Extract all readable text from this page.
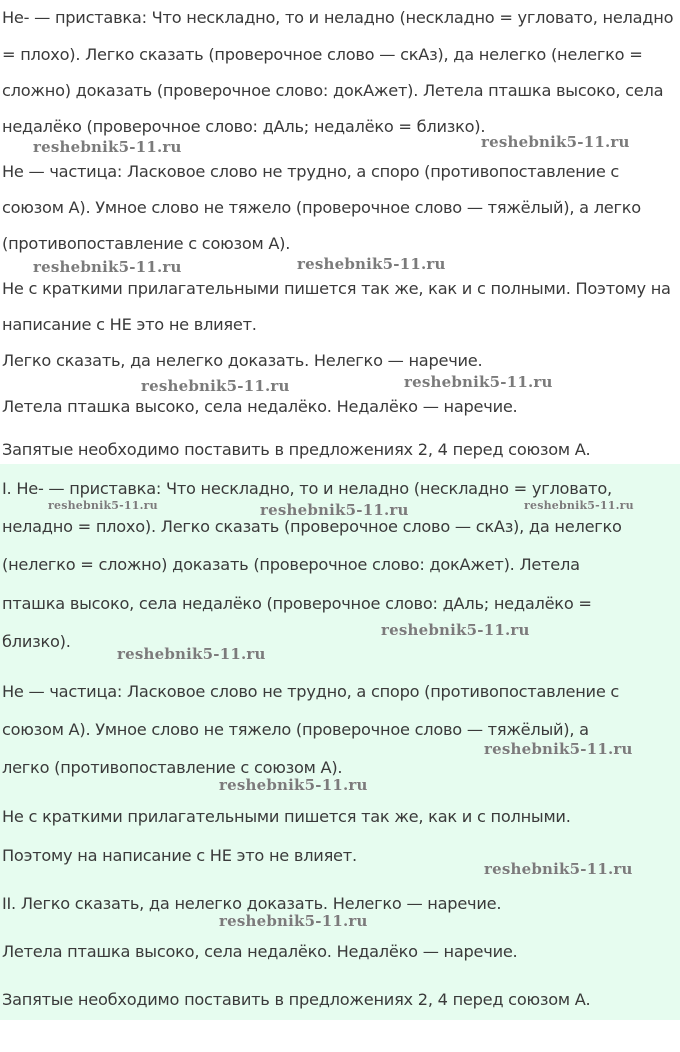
Не- — приставка: Что нескладно, то и неладно (нескладно = угловато, неладно
= плохо). Легко сказать (проверочное слово — скАз), да нелегко (нелегко =
сложно) доказать (проверочное слово: докАжет). Летела пташка высоко, села
недалёко (проверочное слово: дАль; недалёко = близко).
Не — частица: Ласковое слово не трудно, а споро (противопоставление с
союзом А). Умное слово не тяжело (проверочное слово — тяжёлый), а легко
(противопоставление с союзом А).
Не с краткими прилагательными пишется так же, как и с полными. Поэтому на
написание с НЕ это не влияет.
Легко сказать, да нелегко доказать. Нелегко — наречие.
Летела пташка высоко, села недалёко. Недалёко — наречие.
Запятые необходимо поставить в предложениях 2, 4 перед союзом А.
reshebnik5-11.ru	reshebnik5-11.ru
reshebnik5-11.ru	reshebnik5-11.ru
reshebnik5-11.ru	reshebnik5-11.ru
I. Не- — приставка: Что нескладно, то и неладно (нескладно = угловато,
неладно = плохо). Легко сказать (проверочное слово — скАз), да нелегко
(нелегко = сложно) доказать (проверочное слово: докАжет). Летела
пташка высоко, села недалёко (проверочное слово: дАль; недалёко =
близко).
Не — частица: Ласковое слово не трудно, а споро (противопоставление с
союзом А). Умное слово не тяжело (проверочное слово — тяжёлый), а
легко (противопоставление с союзом А).
Не с краткими прилагательными пишется так же, как и с полными.
Поэтому на написание с НЕ это не влияет.
II. Легко сказать, да нелегко доказать. Нелегко — наречие.
Летела пташка высоко, села недалёко. Недалёко — наречие.
Запятые необходимо поставить в предложениях 2, 4 перед союзом А.
reshebnik5-11.ru	reshebnik5-11.ru	reshebnik5-11.ru
reshebnik5-11.ru
reshebnik5-11.ru
reshebnik5-11.ru
reshebnik5-11.ru
reshebnik5-11.ru
reshebnik5-11.ru
